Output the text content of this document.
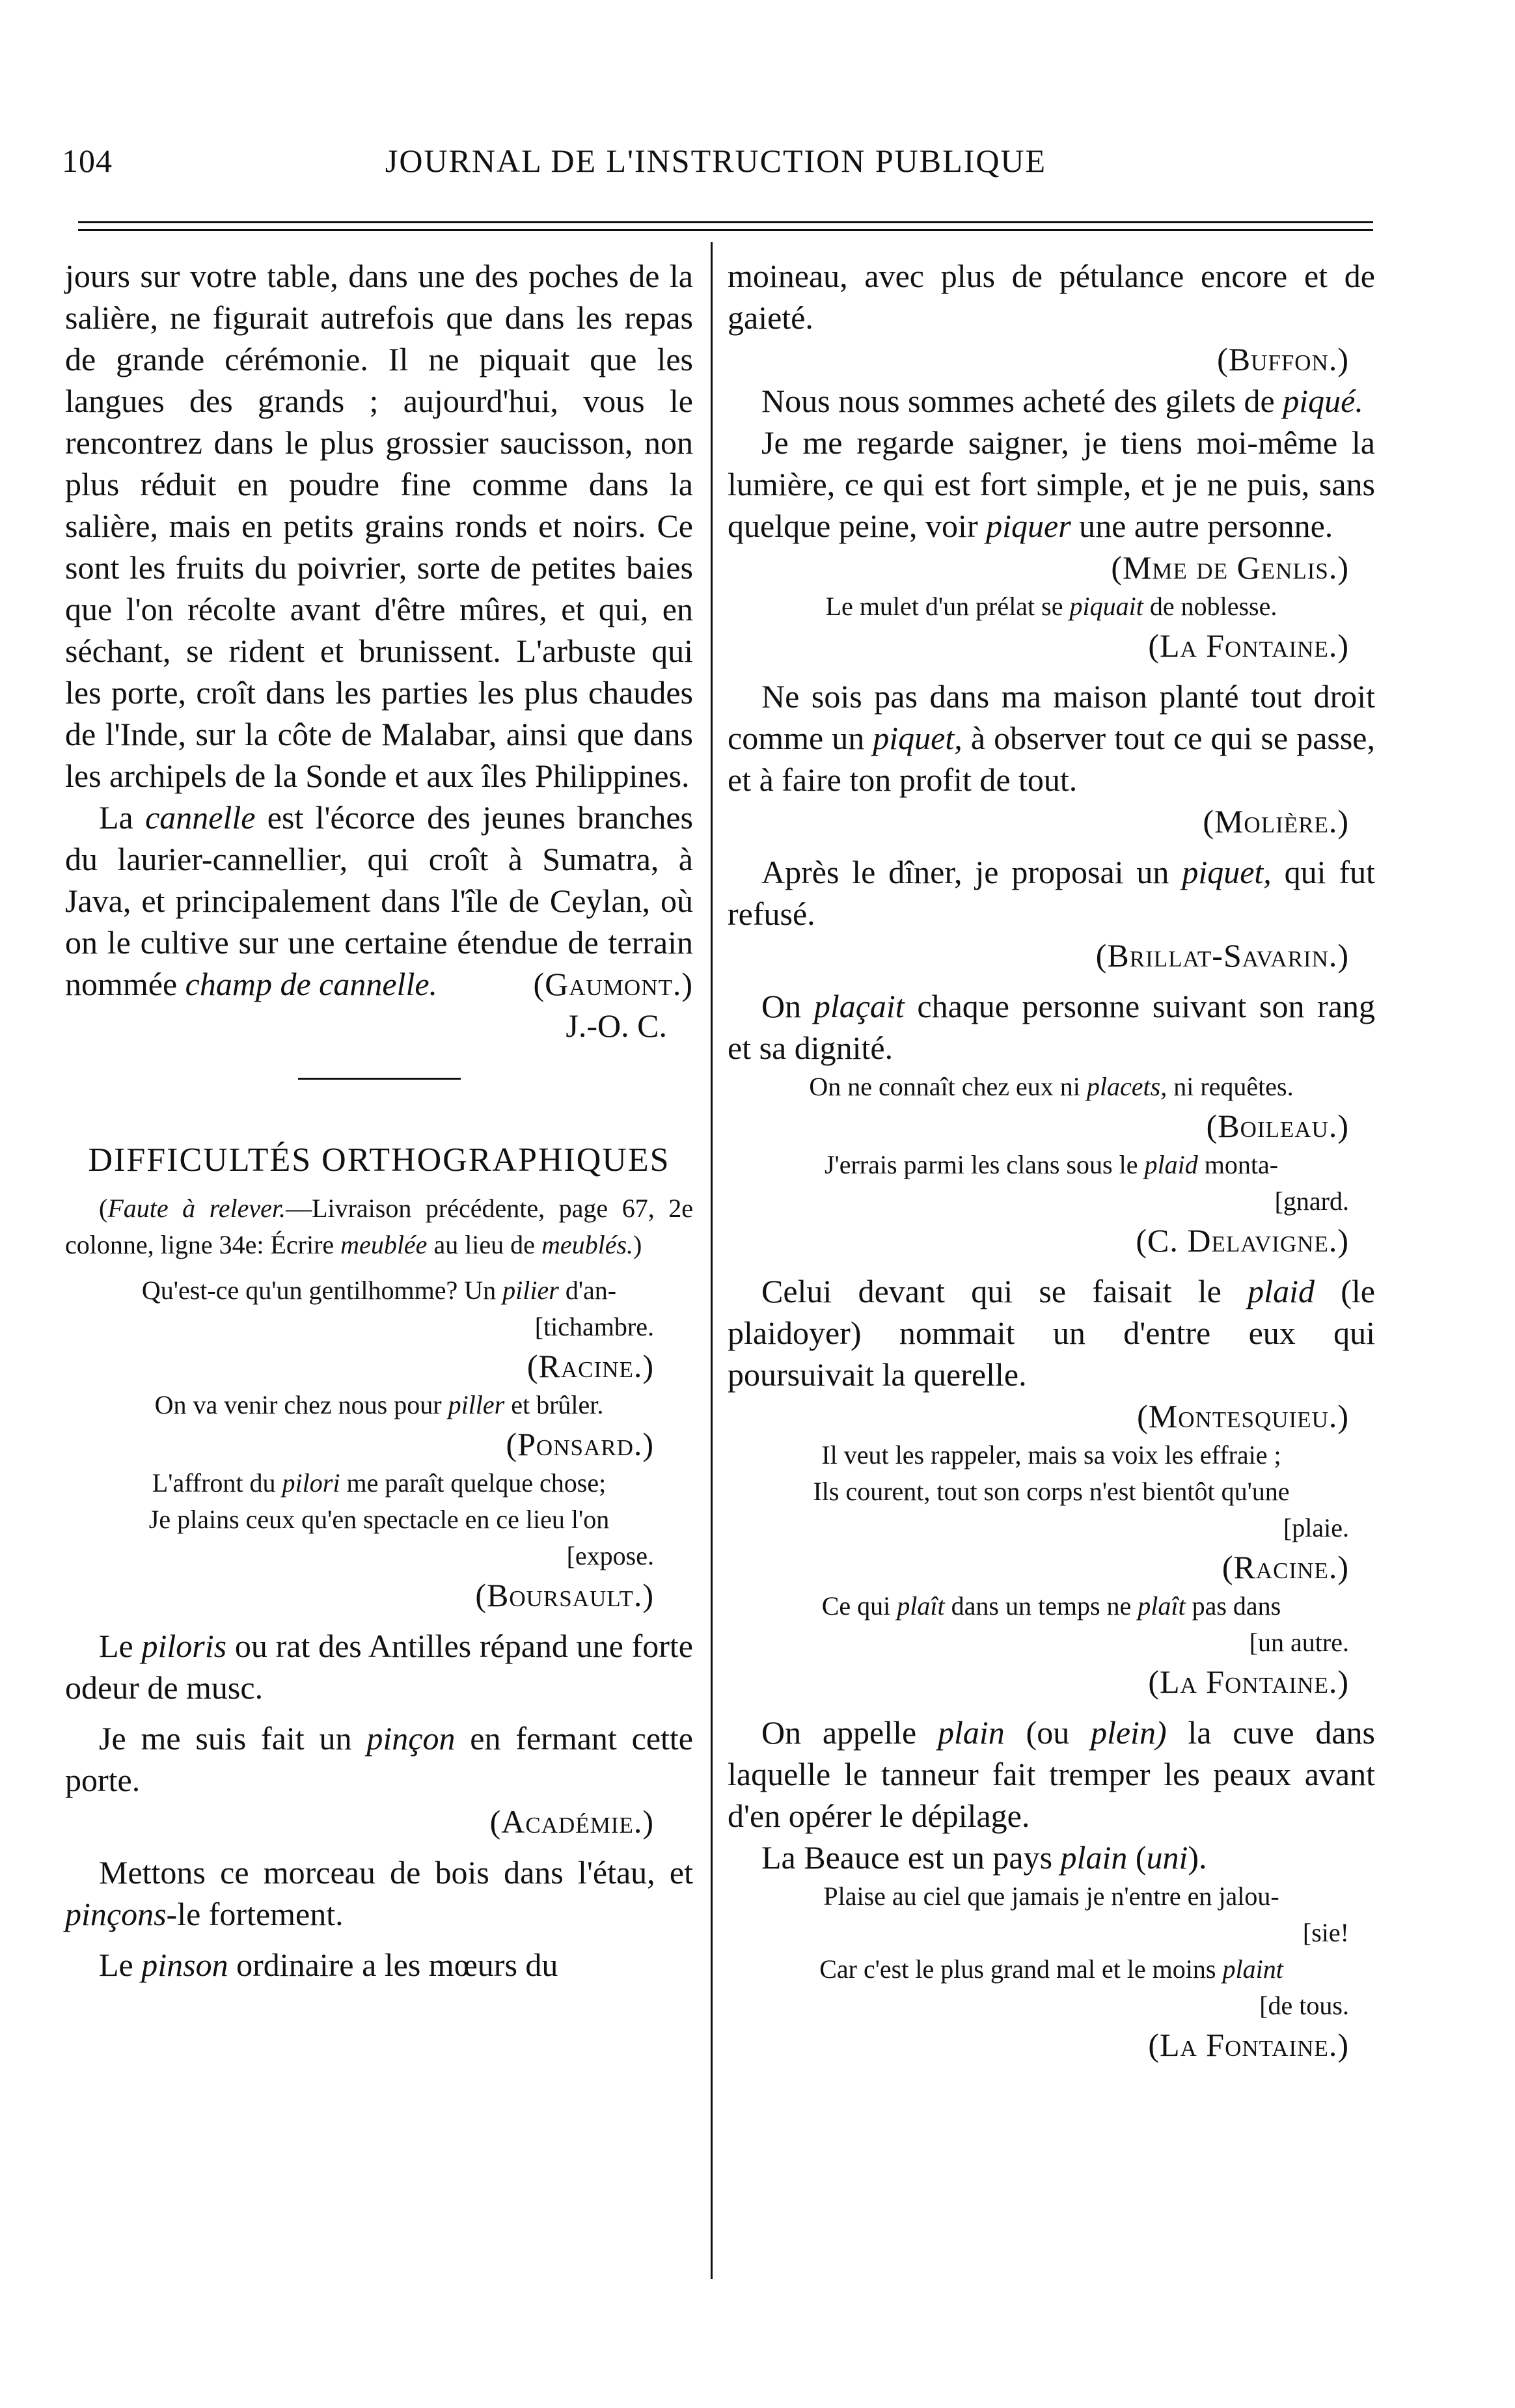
104	JOURNAL DE L'INSTRUCTION PUBLIQUE

jours sur votre table, dans une des poches de la salière, ne figurait autrefois que dans les repas de grande cérémonie. Il ne piquait que les langues des grands ; aujourd'hui, vous le rencontrez dans le plus grossier saucisson, non plus réduit en poudre fine comme dans la salière, mais en petits grains ronds et noirs. Ce sont les fruits du poivrier, sorte de petites baies que l'on récolte avant d'être mûres, et qui, en séchant, se rident et brunissent. L'arbuste qui les porte, croît dans les parties les plus chaudes de l'Inde, sur la côte de Malabar, ainsi que dans les archipels de la Sonde et aux îles Philippines.

La cannelle est l'écorce des jeunes branches du laurier-cannellier, qui croît à Sumatra, à Java, et principalement dans l'île de Ceylan, où on le cultive sur une certaine étendue de terrain nommée champ de cannelle.	(Gaumont.)

J.-O. C.

DIFFICULTÉS ORTHOGRAPHIQUES

(Faute à relever.—Livraison précédente, page 67, 2e colonne, ligne 34e: Écrire meublée au lieu de meublés.)

Qu'est-ce qu'un gentilhomme? Un pilier d'an-

[tichambre.

(Racine.)

On va venir chez nous pour piller et brûler.

(Ponsard.)

L'affront du pilori me paraît quelque chose;

Je plains ceux qu'en spectacle en ce lieu l'on

[expose.

(Boursault.)

Le piloris ou rat des Antilles répand une forte odeur de musc.

Je me suis fait un pinçon en fermant cette porte.

(Académie.)

Mettons ce morceau de bois dans l'étau, et pinçons-le fortement.

Le pinson ordinaire a les mœurs du

moineau, avec plus de pétulance encore et de gaieté.

(Buffon.)

Nous nous sommes acheté des gilets de piqué.

Je me regarde saigner, je tiens moi-même la lumière, ce qui est fort simple, et je ne puis, sans quelque peine, voir piquer une autre personne.

(Mme de Genlis.)

Le mulet d'un prélat se piquait de noblesse.

(La Fontaine.)

Ne sois pas dans ma maison planté tout droit comme un piquet, à observer tout ce qui se passe, et à faire ton profit de tout.

(Molière.)

Après le dîner, je proposai un piquet, qui fut refusé.

(Brillat-Savarin.)

On plaçait chaque personne suivant son rang et sa dignité.

On ne connaît chez eux ni placets, ni requêtes.

(Boileau.)

J'errais parmi les clans sous le plaid monta-

[gnard.

(C. Delavigne.)

Celui devant qui se faisait le plaid (le plaidoyer) nommait un d'entre eux qui poursuivait la querelle.

(Montesquieu.)

Il veut les rappeler, mais sa voix les effraie ;

Ils courent, tout son corps n'est bientôt qu'une

[plaie.

(Racine.)

Ce qui plaît dans un temps ne plaît pas dans

[un autre.

(La Fontaine.)

On appelle plain (ou plein) la cuve dans laquelle le tanneur fait tremper les peaux avant d'en opérer le dépilage.

La Beauce est un pays plain (uni).

Plaise au ciel que jamais je n'entre en jalou-

[sie!

Car c'est le plus grand mal et le moins plaint

[de tous.

(La Fontaine.)
